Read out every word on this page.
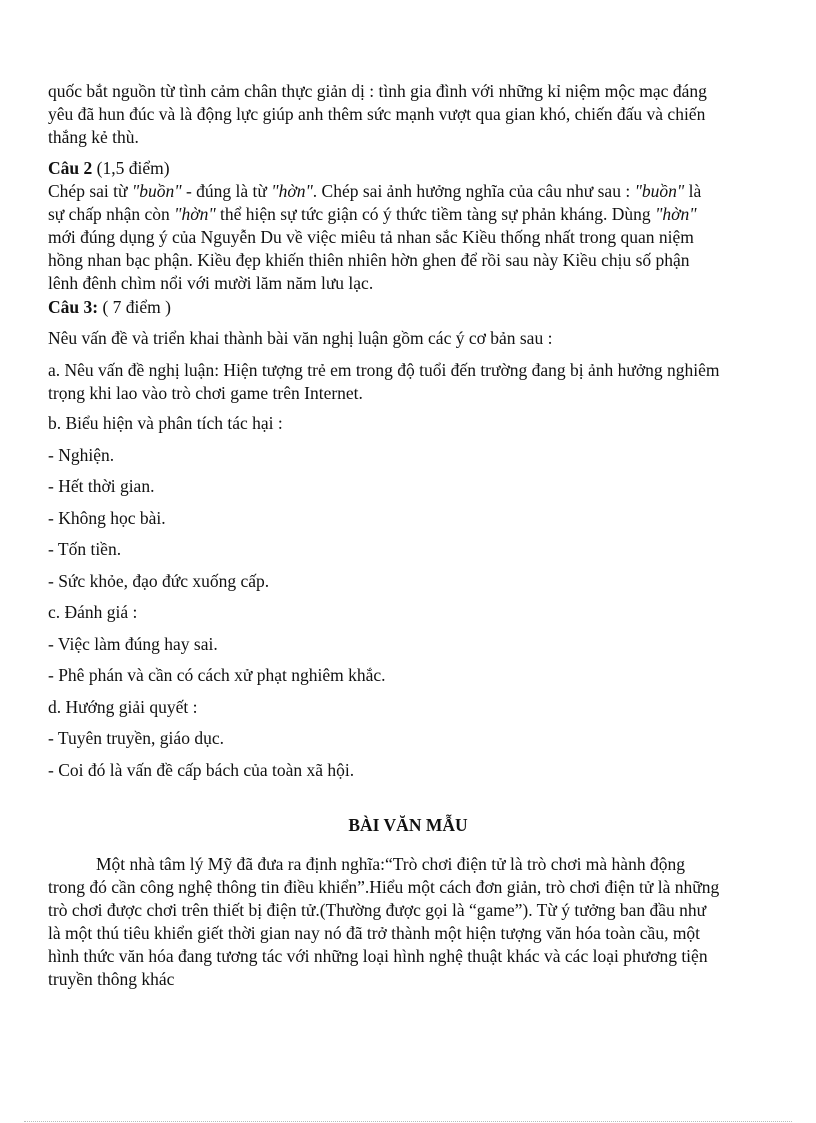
quốc bắt nguồn từ tình cảm chân thực giản dị : tình gia đình với những kỉ niệm mộc mạc đáng
yêu đã hun đúc và là động lực giúp anh thêm sức mạnh vượt qua gian khó, chiến đấu và chiến
thắng kẻ thù.
Câu 2 (1,5 điểm)
Chép sai từ "buồn" - đúng là từ "hờn". Chép sai ảnh hưởng nghĩa của câu như sau : "buồn" là
sự chấp nhận còn "hờn" thể hiện sự tức giận có ý thức tiềm tàng sự phản kháng. Dùng "hờn"
mới đúng dụng ý của Nguyễn Du về việc miêu tả nhan sắc Kiều thống nhất trong quan niệm
hồng nhan bạc phận. Kiều đẹp khiến thiên nhiên hờn ghen để rồi sau này Kiều chịu số phận
lênh đênh chìm nổi với mười lăm năm lưu lạc.
Câu 3: ( 7 điểm )
Nêu vấn đề và triển khai thành bài văn nghị luận gồm các ý cơ bản sau :
a. Nêu vấn đề nghị luận: Hiện tượng trẻ em trong độ tuổi đến trường đang bị ảnh hưởng nghiêm
trọng khi lao vào trò chơi game trên Internet.
b. Biểu hiện và phân tích tác hại :
- Nghiện.
- Hết thời gian.
- Không học bài.
- Tốn tiền.
- Sức khỏe, đạo đức xuống cấp.
c. Đánh giá :
- Việc làm đúng hay sai.
- Phê phán và cần có cách xử phạt nghiêm khắc.
d. Hướng giải quyết :
- Tuyên truyền, giáo dục.
- Coi đó là vấn đề cấp bách của toàn xã hội.
BÀI VĂN MẪU
Một nhà tâm lý Mỹ đã đưa ra định nghĩa:“Trò chơi điện tử là trò chơi mà hành động
trong đó cần công nghệ thông tin điều khiển”.Hiểu một cách đơn giản, trò chơi điện tử là những
trò chơi được chơi trên thiết bị điện tử.(Thường được gọi là “game”). Từ ý tưởng ban đầu như
là một thú tiêu khiển giết thời gian nay nó đã trở thành một hiện tượng văn hóa toàn cầu, một
hình thức văn hóa đang tương tác với những loại hình nghệ thuật khác và các loại phương tiện
truyền thông khác
